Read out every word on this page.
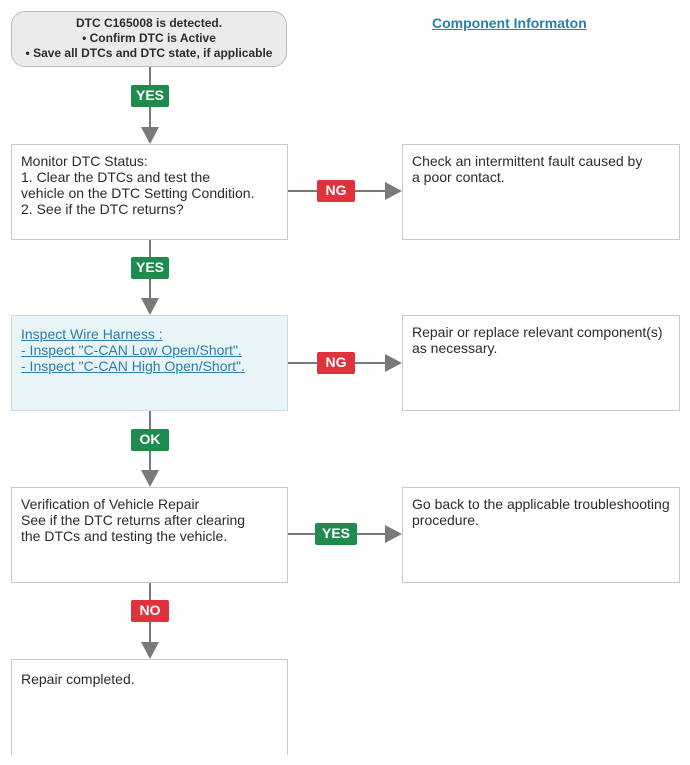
DTC C165008 is detected.
• Confirm DTC is Active
• Save all DTCs and DTC state, if applicable
Component Informaton
YES
NG
YES
NG
OK
YES
NO
Monitor DTC Status:
1. Clear the DTCs and test the
vehicle on the DTC Setting Condition.
2. See if the DTC returns?
Check an intermittent fault caused by
a poor contact.
Inspect Wire Harness :
- Inspect "C-CAN Low Open/Short".
- Inspect "C-CAN High Open/Short".
Repair or replace relevant component(s)
as necessary.
Verification of Vehicle Repair
See if the DTC returns after clearing
the DTCs and testing the vehicle.
Go back to the applicable troubleshooting
procedure.
Repair completed.
